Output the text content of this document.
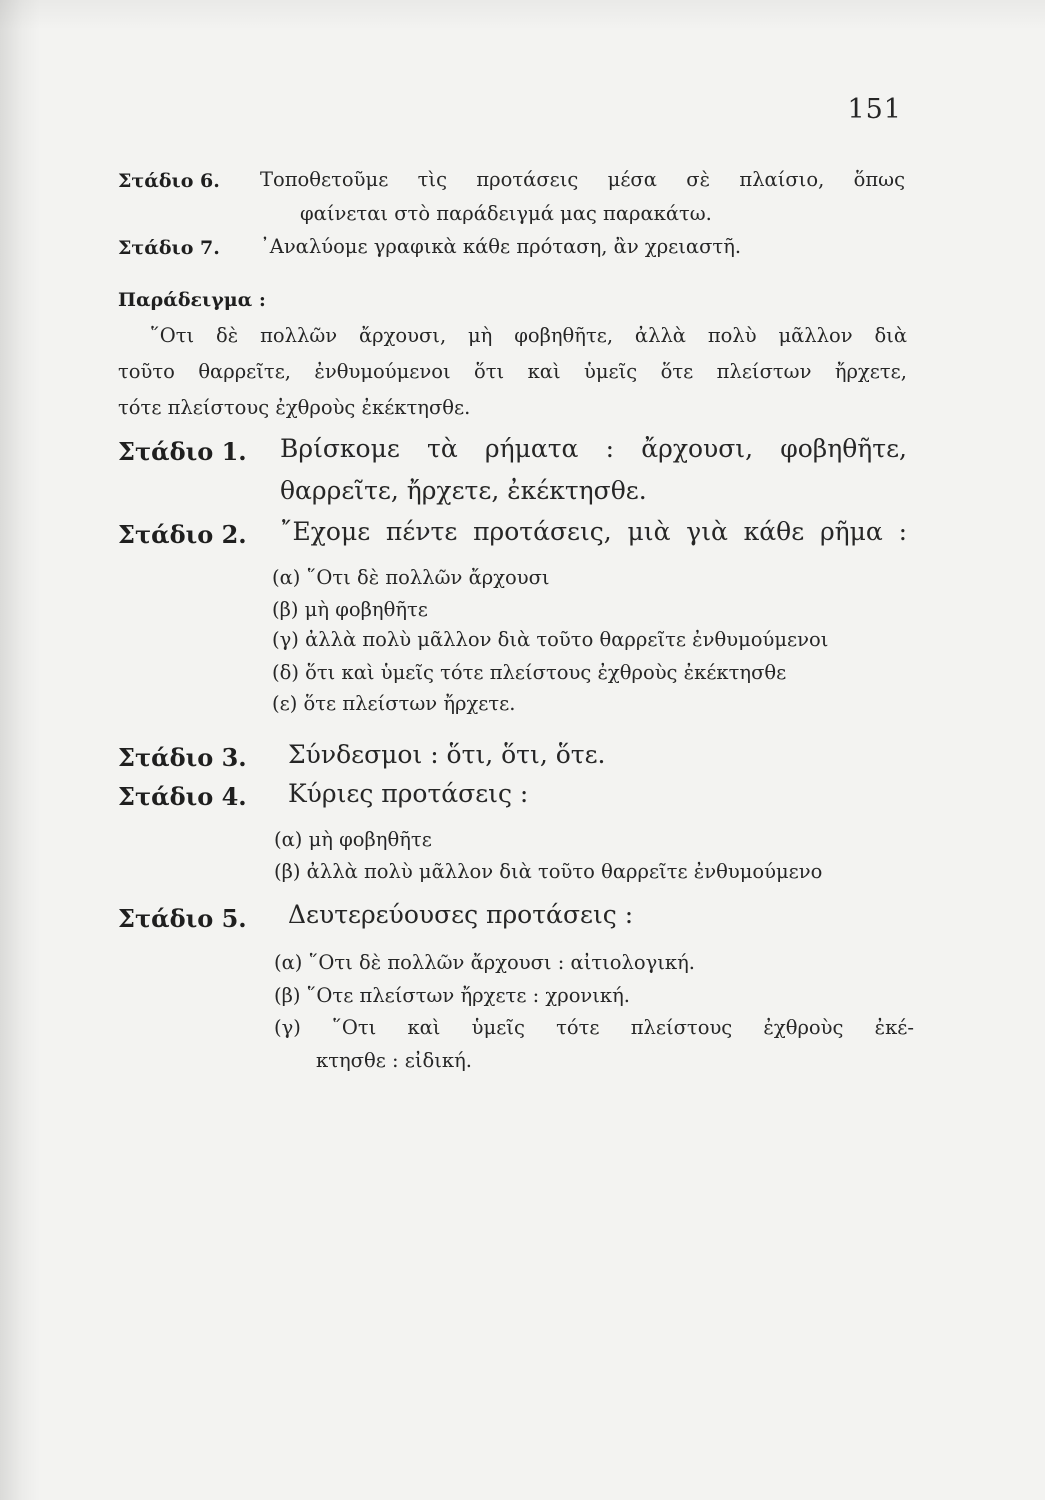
151
Στάδιο 6. Τοποθετοῦμε τὶς προτάσεις μέσα σὲ πλαίσιο, ὅπως
φαίνεται στὸ παράδειγμά μας παρακάτω.
Στάδιο 7. ᾿Αναλύομε γραφικὰ κάθε πρόταση, ἂν χρειαστῆ.
Παράδειγμα :
῞Οτι δὲ πολλῶν ἄρχουσι, μὴ φοβηθῆτε, ἀλλὰ πολὺ μᾶλλον διὰ
τοῦτο θαρρεῖτε, ἐνθυμούμενοι ὅτι καὶ ὑμεῖς ὅτε πλείστων ἤρχετε,
τότε πλείστους ἐχθροὺς ἐκέκτησθε.
Στάδιο 1. Βρίσκομε τὰ ρήματα : ἄρχουσι, φοβηθῆτε,
θαρρεῖτε, ἤρχετε, ἐκέκτησθε.
Στάδιο 2. ῎Εχομε πέντε προτάσεις, μιὰ γιὰ κάθε ρῆμα :
(α) ῞Οτι δὲ πολλῶν ἄρχουσι
(β) μὴ φοβηθῆτε
(γ) ἀλλὰ πολὺ μᾶλλον διὰ τοῦτο θαρρεῖτε ἐνθυμούμενοι
(δ) ὅτι καὶ ὑμεῖς τότε πλείστους ἐχθροὺς ἐκέκτησθε
(ε) ὅτε πλείστων ἤρχετε.
Στάδιο 3. Σύνδεσμοι : ὅτι, ὅτι, ὅτε.
Στάδιο 4. Κύριες προτάσεις :
(α) μὴ φοβηθῆτε
(β) ἀλλὰ πολὺ μᾶλλον διὰ τοῦτο θαρρεῖτε ἐνθυμούμενο
Στάδιο 5. Δευτερεύουσες προτάσεις :
(α) ῞Οτι δὲ πολλῶν ἄρχουσι : αἰτιολογική.
(β) ῞Οτε πλείστων ἤρχετε : χρονική.
(γ) ῞Οτι καὶ ὑμεῖς τότε πλείστους ἐχθροὺς ἐκέ-
κτησθε : εἰδική.
